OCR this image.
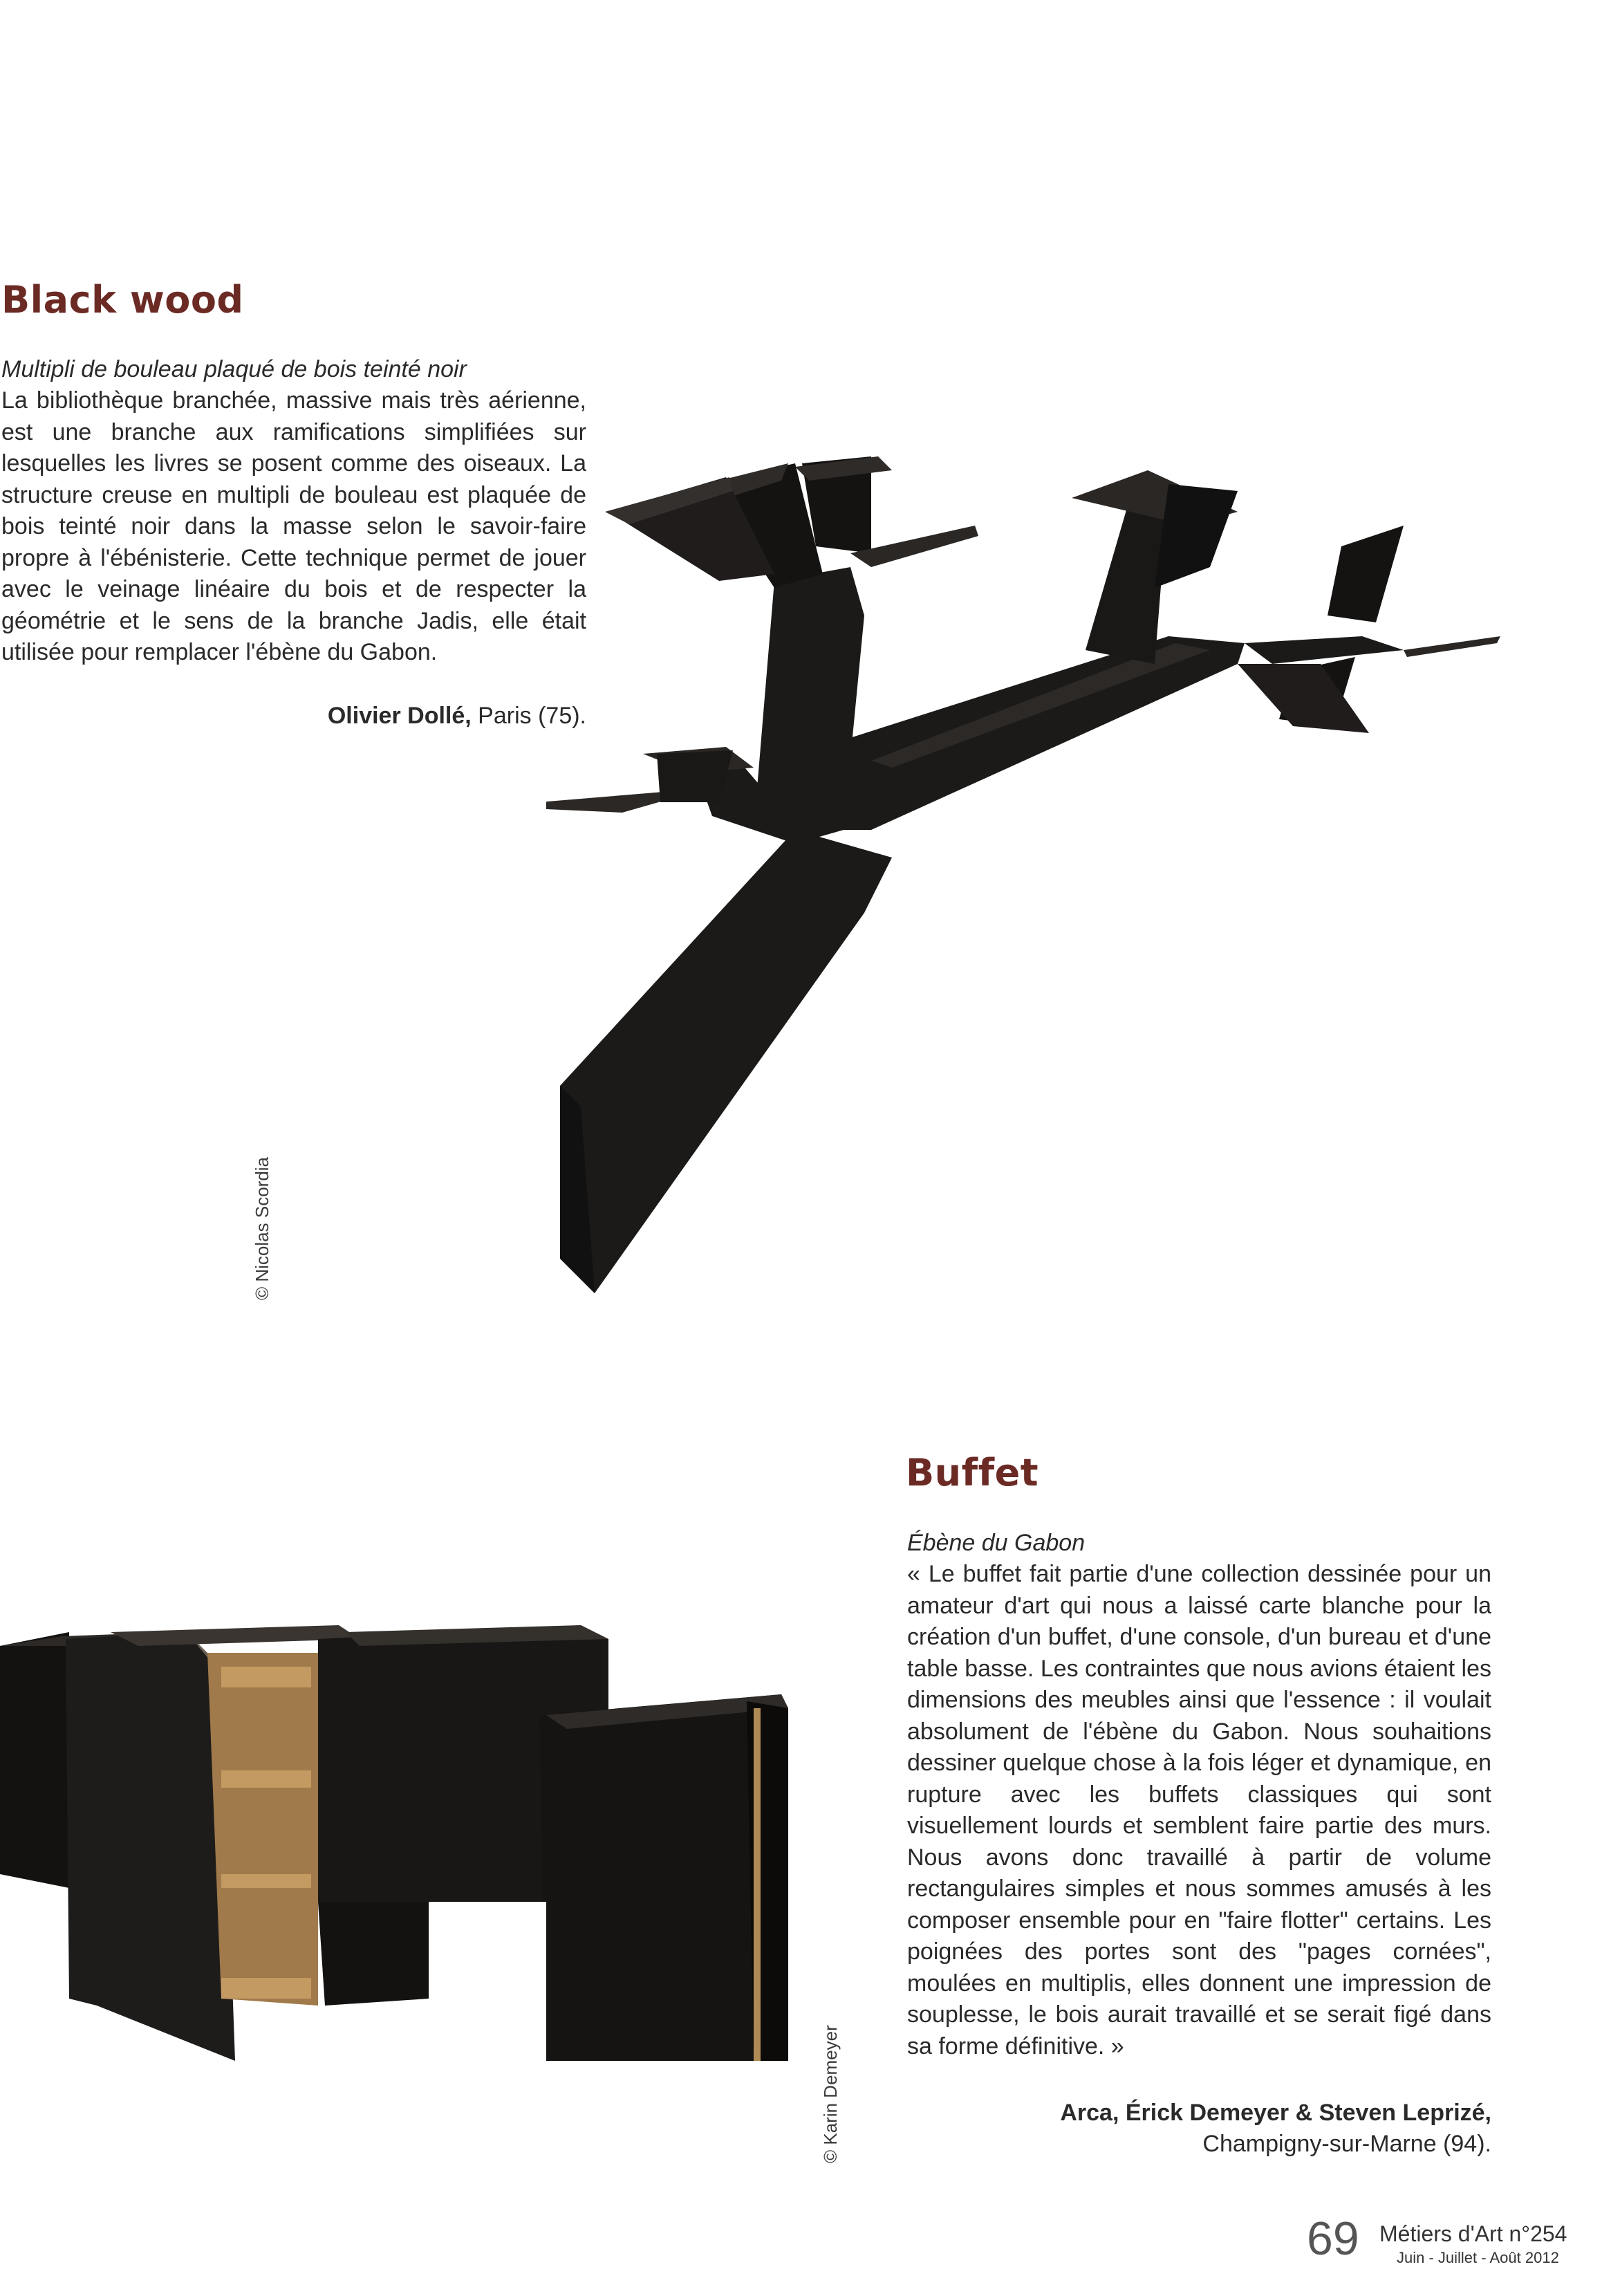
Black wood
Multipli de bouleau plaqué de bois teinté noir

La bibliothèque branchée, massive mais très aérienne, est une branche aux ramifications simplifiées sur lesquelles les livres se posent comme des oiseaux. La structure creuse en multipli de bouleau est plaquée de bois teinté noir dans la masse selon le savoir-faire propre à l'ébénisterie. Cette technique permet de jouer avec le veinage linéaire du bois et de respecter la géométrie et le sens de la branche Jadis, elle était utilisée pour remplacer l'ébène du Gabon.

Olivier Dollé, Paris (75).
© Nicolas Scordia
Buffet
Ébène du Gabon

« Le buffet fait partie d'une collection dessinée pour un amateur d'art qui nous a laissé carte blanche pour la création d'un buffet, d'une console, d'un bureau et d'une table basse. Les contraintes que nous avions étaient les dimensions des meubles ainsi que l'essence : il voulait absolument de l'ébène du Gabon. Nous souhaitions dessiner quelque chose à la fois léger et dynamique, en rupture avec les buffets classiques qui sont visuellement lourds et semblent faire partie des murs. Nous avons donc travaillé à partir de volume rectangulaires simples et nous sommes amusés à les composer ensemble pour en "faire flotter" certains. Les poignées des portes sont des "pages cornées", moulées en multiplis, elles donnent une impression de souplesse, le bois aurait travaillé et se serait figé dans sa forme définitive. »

Arca, Érick Demeyer & Steven Leprizé,
Champigny-sur-Marne (94).
© Karin Demeyer
69 Métiers d'Art n°254
Juin - Juillet - Août 2012
